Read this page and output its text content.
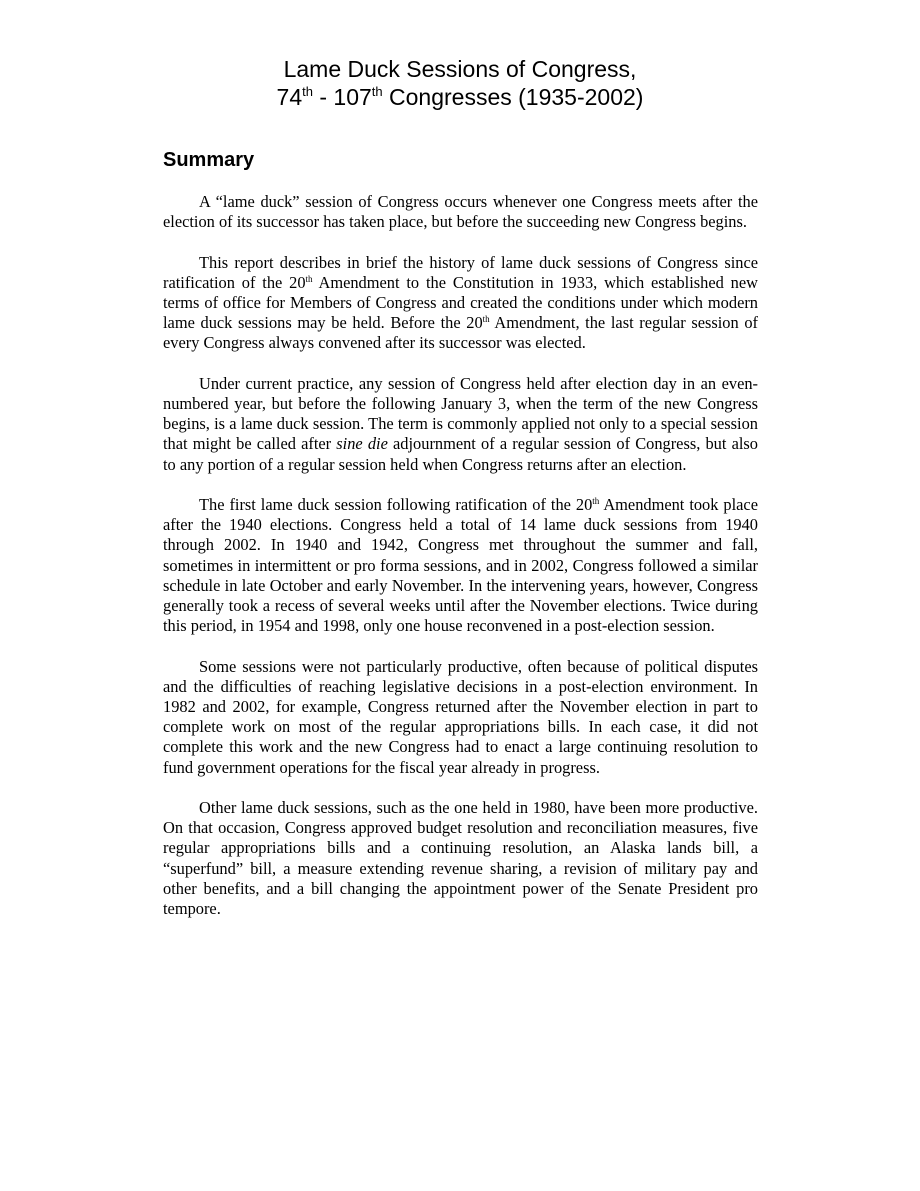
Lame Duck Sessions of Congress,
74th - 107th Congresses (1935-2002)
Summary

A “lame duck” session of Congress occurs whenever one Congress meets after the election of its successor has taken place, but before the succeeding new Congress begins.

This report describes in brief the history of lame duck sessions of Congress since ratification of the 20th Amendment to the Constitution in 1933, which established new terms of office for Members of Congress and created the conditions under which modern lame duck sessions may be held. Before the 20th Amendment, the last regular session of every Congress always convened after its successor was elected.

Under current practice, any session of Congress held after election day in an even-numbered year, but before the following January 3, when the term of the new Congress begins, is a lame duck session. The term is commonly applied not only to a special session that might be called after sine die adjournment of a regular session of Congress, but also to any portion of a regular session held when Congress returns after an election.

The first lame duck session following ratification of the 20th Amendment took place after the 1940 elections. Congress held a total of 14 lame duck sessions from 1940 through 2002. In 1940 and 1942, Congress met throughout the summer and fall, sometimes in intermittent or pro forma sessions, and in 2002, Congress followed a similar schedule in late October and early November. In the intervening years, however, Congress generally took a recess of several weeks until after the November elections. Twice during this period, in 1954 and 1998, only one house reconvened in a post-election session.

Some sessions were not particularly productive, often because of political disputes and the difficulties of reaching legislative decisions in a post-election environment. In 1982 and 2002, for example, Congress returned after the November election in part to complete work on most of the regular appropriations bills. In each case, it did not complete this work and the new Congress had to enact a large continuing resolution to fund government operations for the fiscal year already in progress.

Other lame duck sessions, such as the one held in 1980, have been more productive. On that occasion, Congress approved budget resolution and reconciliation measures, five regular appropriations bills and a continuing resolution, an Alaska lands bill, a “superfund” bill, a measure extending revenue sharing, a revision of military pay and other benefits, and a bill changing the appointment power of the Senate President pro tempore.
